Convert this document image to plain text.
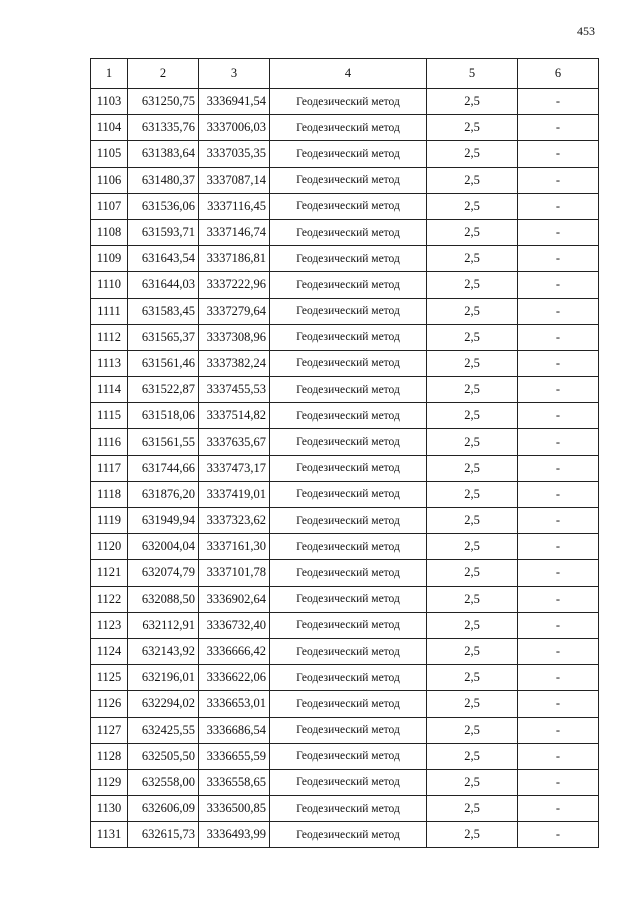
453
1	2	3	4	5	6
1103	631250,75	3336941,54	Геодезический метод	2,5	-
1104	631335,76	3337006,03	Геодезический метод	2,5	-
1105	631383,64	3337035,35	Геодезический метод	2,5	-
1106	631480,37	3337087,14	Геодезический метод	2,5	-
1107	631536,06	3337116,45	Геодезический метод	2,5	-
1108	631593,71	3337146,74	Геодезический метод	2,5	-
1109	631643,54	3337186,81	Геодезический метод	2,5	-
1110	631644,03	3337222,96	Геодезический метод	2,5	-
1111	631583,45	3337279,64	Геодезический метод	2,5	-
1112	631565,37	3337308,96	Геодезический метод	2,5	-
1113	631561,46	3337382,24	Геодезический метод	2,5	-
1114	631522,87	3337455,53	Геодезический метод	2,5	-
1115	631518,06	3337514,82	Геодезический метод	2,5	-
1116	631561,55	3337635,67	Геодезический метод	2,5	-
1117	631744,66	3337473,17	Геодезический метод	2,5	-
1118	631876,20	3337419,01	Геодезический метод	2,5	-
1119	631949,94	3337323,62	Геодезический метод	2,5	-
1120	632004,04	3337161,30	Геодезический метод	2,5	-
1121	632074,79	3337101,78	Геодезический метод	2,5	-
1122	632088,50	3336902,64	Геодезический метод	2,5	-
1123	632112,91	3336732,40	Геодезический метод	2,5	-
1124	632143,92	3336666,42	Геодезический метод	2,5	-
1125	632196,01	3336622,06	Геодезический метод	2,5	-
1126	632294,02	3336653,01	Геодезический метод	2,5	-
1127	632425,55	3336686,54	Геодезический метод	2,5	-
1128	632505,50	3336655,59	Геодезический метод	2,5	-
1129	632558,00	3336558,65	Геодезический метод	2,5	-
1130	632606,09	3336500,85	Геодезический метод	2,5	-
1131	632615,73	3336493,99	Геодезический метод	2,5	-
